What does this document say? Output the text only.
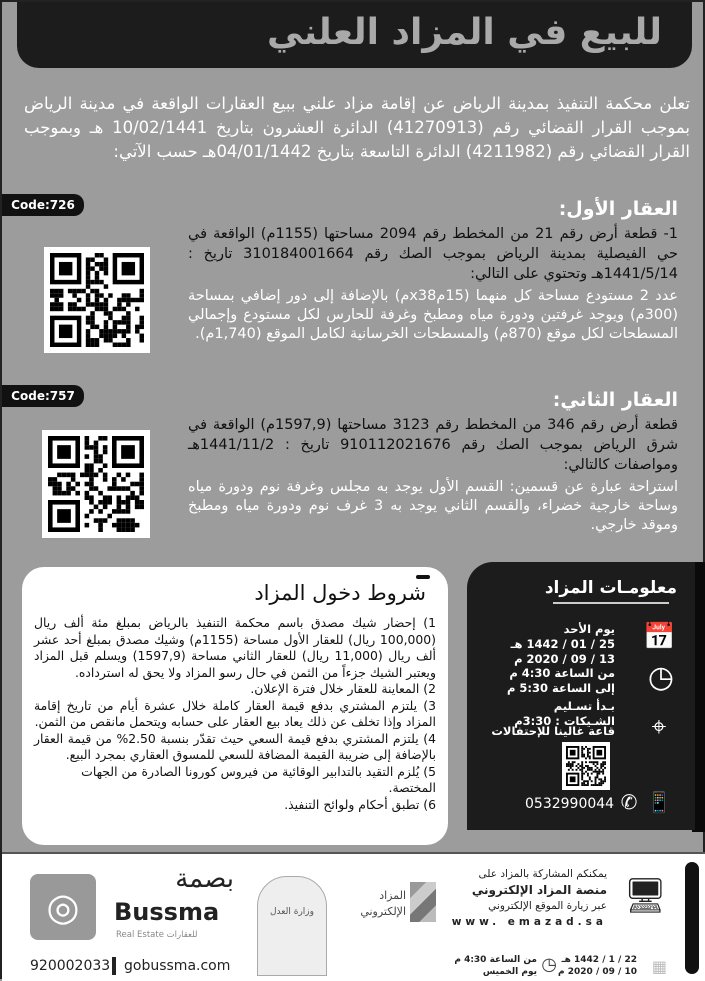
للبيع في المزاد العلني

تعلن محكمة التنفيذ بمدينة الرياض عن إقامة مزاد علني ببيع العقارات الواقعة في مدينة الرياض بموجب القرار القضائي رقم (41270913) الدائرة العشرون بتاريخ 10/02/1441 هـ وبموجب القرار القضائي رقم (4211982) الدائرة التاسعة بتاريخ 04/01/1442هـ حسب الآتي:

Code:726	العقار الأول:

1- قطعة أرض رقم 21 من المخطط رقم 2094 مساحتها (1155م) الواقعة في حي الفيصلية بمدينة الرياض بموجب الصك رقم 310184001664 تاريخ : 1441/5/14هـ وتحتوي على التالي:

عدد 2 مستودع مساحة كل منهما (15مx38م) بالإضافة إلى دور إضافي بمساحة (300م) ويوجد غرفتين ودورة مياه ومطبخ وغرفة للحارس لكل مستودع وإجمالي المسطحات لكل موقع (870م) والمسطحات الخرسانية لكامل الموقع (1,740م).

Code:757	العقار الثاني:

قطعة أرض رقم 346 من المخطط رقم 3123 مساحتها (1597,9م) الواقعة في شرق الرياض بموجب الصك رقم 910112021676 تاريخ : 1441/11/2هـ ومواصفات كالتالي:

استراحة عبارة عن قسمين: القسم الأول يوجد به مجلس وغرفة نوم ودورة مياه وساحة خارجية خضراء، والقسم الثاني يوجد به 3 غرف نوم ودورة مياه ومطبخ وموقد خارجي.

شروط دخول المزاد
1) إحضار شيك مصدق باسم محكمة التنفيذ بالرياض بمبلغ مئة ألف ريال (100,000 ريال) للعقار الأول مساحة (1155م) وشيك مصدق بمبلغ أحد عشر ألف ريال (11,000 ريال) للعقار الثاني مساحة (1597,9) ويسلم قبل المزاد ويعتبر الشيك جزءاً من الثمن في حال رسو المزاد ولا يحق له استرداده.
2) المعاينة للعقار خلال فترة الإعلان.
3) يلتزم المشتري بدفع قيمة العقار كاملة خلال عشرة أيام من تاريخ إقامة المزاد وإذا تخلف عن ذلك يعاد بيع العقار على حسابه ويتحمل مانقص من الثمن.
4) يلتزم المشتري بدفع قيمة السعي حيث تقدّر بنسبة 2.50% من قيمة العقار بالإضافة إلى ضريبة القيمة المضافة للسعي للمسوق العقاري بمجرد البيع.
5) يُلزم التقيد بالتدابير الوقائية من فيروس كورونا الصادرة من الجهات المختصة.
6) تطبق أحكام ولوائح التنفيذ.
معلومـات المزاد
📅
يوم الأحد
25 / 01 / 1442 هـ
13 / 09 / 2020 م
◷
من الساعة 4:30 م
إلى الساعة 5:30 م
بـدأ تسـليم
الشـيكات : 3:30م	⌖
قاعة غالينا للإحتفالات
📱
✆
0532990044
🖥
يمكنكم المشاركة بالمزاد على
منصة المزاد الإلكتروني
عبر زيارة الموقع الإلكتروني
www. emazad.sa
22 / 1 / 1442 هـ
10 / 09 / 2020 م ▦
من الساعة 4:30 م
يوم الخميس ◷
المزاد الإلكتروني
وزارة العدل
◎
بصمة
Bussma
Real Estate للعقارات
920002033 gobussma.com
